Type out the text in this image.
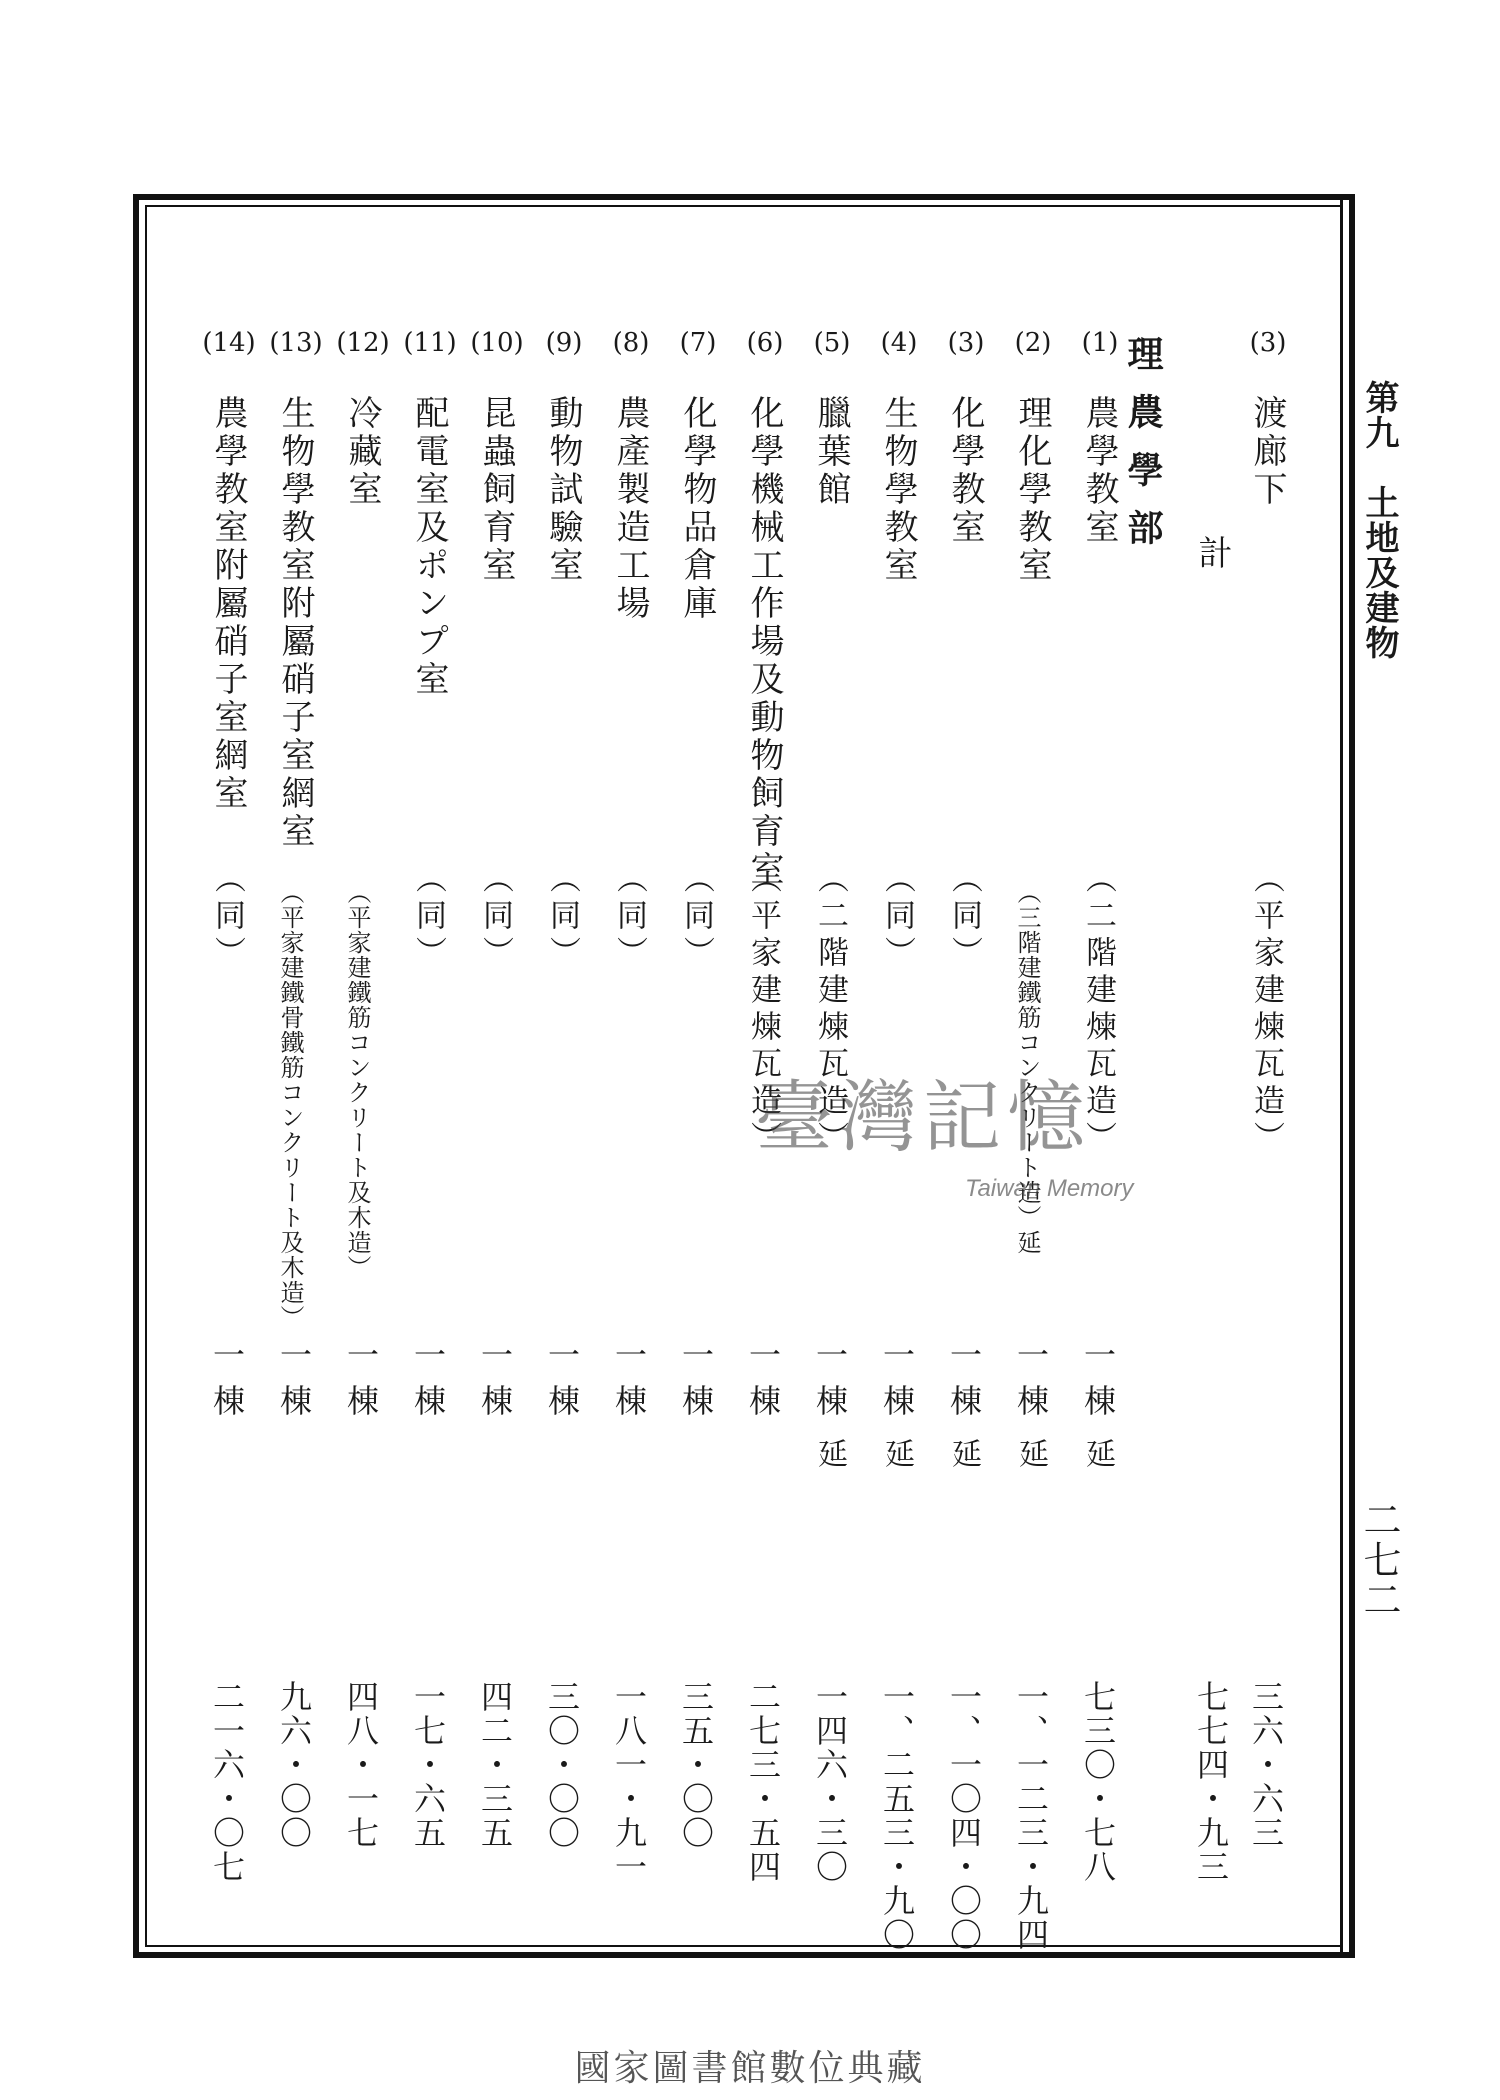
第九　土地及建物
二七二
(3)
渡廊下
（平家建煉瓦造）
三六・六三
計
七七四・九三
理農學部
(1)
農學教室
（二階建煉瓦造）
一棟
延
七三〇・七八
(2)
理化學教室
（三階建鐵筋コンクリート造）延
一棟
延
一、一二三・九四
(3)
化學教室
（同）
一棟
延
一、一〇四・〇〇
(4)
生物學教室
（同）
一棟
延
一、二五三・九〇
(5)
臘葉館
（二階建煉瓦造）
一棟
延
一四六・三〇
(6)
化學機械工作場及動物飼育室
（平家建煉瓦造）
一棟
二七三・五四
(7)
化學物品倉庫
（同）
一棟
三五・〇〇
(8)
農產製造工場
（同）
一棟
一八一・九一
(9)
動物試驗室
（同）
一棟
三〇・〇〇
(10)
昆蟲飼育室
（同）
一棟
四二・三五
(11)
配電室及ポンプ室
（同）
一棟
一七・六五
(12)
冷藏室
（平家建鐵筋コンクリート及木造）
一棟
四八・一七
(13)
生物學教室附屬硝子室網室
（平家建鐵骨鐵筋コンクリート及木造）
一棟
九六・〇〇
(14)
農學教室附屬硝子室網室
（同）
一棟
二一六・〇七
臺灣記憶
Taiwan Memory
國家圖書館數位典藏
